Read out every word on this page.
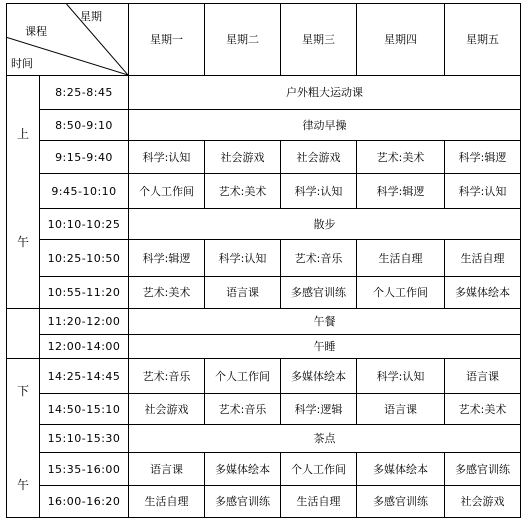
星期
课程
时间		星期一	星期二	星期三	星期四	星期五

上
午	8:25-8:45	户外粗大运动课				
	8:50-9:10	律动早操				
	9:15-9:40	科学:认知	社会游戏	社会游戏	艺术:美术	科学:辑逻
	9:45-10:10	个人工作间	艺术:美术	科学:认知	科学:辑逻	科学:认知
	10:10-10:25	散步				
	10:25-10:50	科学:辑逻	科学:认知	艺术:音乐	生活自理	生活自理
	10:55-11:20	艺术:美术	语言课	多感官训练	个人工作间	多媒体绘本
	11:20-12:00	午餐				
	12:00-14:00	午睡				

下
午	14:25-14:45	艺术:音乐	个人工作间	多媒体绘本	科学:认知	语言课
	14:50-15:10	社会游戏	艺术:音乐	科学:逻辑	语言课	艺术:美术
	15:10-15:30	茶点				
	15:35-16:00	语言课	多媒体绘本	个人工作间	多媒体绘本	多感官训练
	16:00-16:20	生活自理	多感官训练	生活自理	多感官训练	社会游戏
